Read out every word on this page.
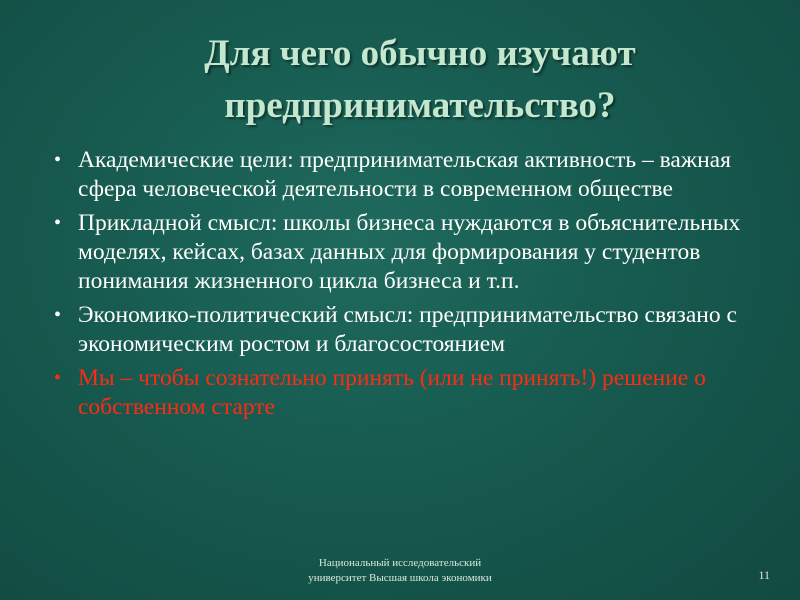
Для чего обычно изучают
предпринимательство?
• Академические цели: предпринимательская активность – важная сфера человеческой деятельности в современном обществе
• Прикладной смысл: школы бизнеса нуждаются в объяснительных моделях, кейсах, базах данных для формирования у студентов понимания жизненного цикла бизнеса и т.п.
• Экономико-политический смысл: предпринимательство связано с экономическим ростом и благосостоянием
• Мы – чтобы сознательно принять (или не принять!) решение о собственном старте
Национальный исследовательский
университет Высшая школа экономики	11
